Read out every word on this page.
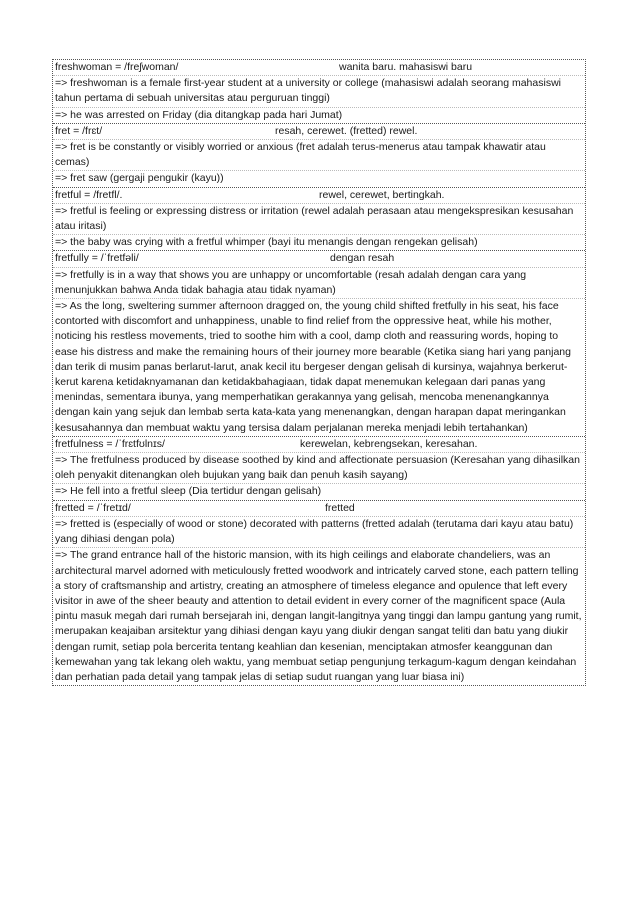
freshwoman = /freʃwoman/	wanita baru. mahasiswi baru

=> freshwoman is a female first-year student at a university or college (mahasiswi adalah seorang mahasiswi tahun pertama di sebuah universitas atau perguruan tinggi)

=> he was arrested on Friday (dia ditangkap pada hari Jumat)

fret = /frɛt/	resah, cerewet. (fretted) rewel.

=> fret is be constantly or visibly worried or anxious (fret adalah terus-menerus atau tampak khawatir atau cemas)

=> fret saw (gergaji pengukir (kayu))

fretful = /fretfl/.	rewel, cerewet, bertingkah.

=> fretful is feeling or expressing distress or irritation (rewel adalah perasaan atau mengekspresikan kesusahan atau iritasi)

=> the baby was crying with a fretful whimper (bayi itu menangis dengan rengekan gelisah)

fretfully = /ˈfretfəli/	dengan resah

=> fretfully is in a way that shows you are unhappy or uncomfortable (resah adalah dengan cara yang menunjukkan bahwa Anda tidak bahagia atau tidak nyaman)

=> As the long, sweltering summer afternoon dragged on, the young child shifted fretfully in his seat, his face contorted with discomfort and unhappiness, unable to find relief from the oppressive heat, while his mother, noticing his restless movements, tried to soothe him with a cool, damp cloth and reassuring words, hoping to ease his distress and make the remaining hours of their journey more bearable (Ketika siang hari yang panjang dan terik di musim panas berlarut-larut, anak kecil itu bergeser dengan gelisah di kursinya, wajahnya berkerut-kerut karena ketidaknyamanan dan ketidakbahagiaan, tidak dapat menemukan kelegaan dari panas yang menindas, sementara ibunya, yang memperhatikan gerakannya yang gelisah, mencoba menenangkannya dengan kain yang sejuk dan lembab serta kata-kata yang menenangkan, dengan harapan dapat meringankan kesusahannya dan membuat waktu yang tersisa dalam perjalanan mereka menjadi lebih tertahankan)

fretfulness = /ˈfrɛtfʊlnɪs/	kerewelan, kebrengsekan, keresahan.

=> The fretfulness produced by disease soothed by kind and affectionate persuasion (Keresahan yang dihasilkan oleh penyakit ditenangkan oleh bujukan yang baik dan penuh kasih sayang)

=> He fell into a fretful sleep (Dia tertidur dengan gelisah)

fretted = /ˈfretɪd/	fretted

=> fretted is (especially of wood or stone) decorated with patterns (fretted adalah (terutama dari kayu atau batu) yang dihiasi dengan pola)

=> The grand entrance hall of the historic mansion, with its high ceilings and elaborate chandeliers, was an architectural marvel adorned with meticulously fretted woodwork and intricately carved stone, each pattern telling a story of craftsmanship and artistry, creating an atmosphere of timeless elegance and opulence that left every visitor in awe of the sheer beauty and attention to detail evident in every corner of the magnificent space (Aula pintu masuk megah dari rumah bersejarah ini, dengan langit-langitnya yang tinggi dan lampu gantung yang rumit, merupakan keajaiban arsitektur yang dihiasi dengan kayu yang diukir dengan sangat teliti dan batu yang diukir dengan rumit, setiap pola bercerita tentang keahlian dan kesenian, menciptakan atmosfer keanggunan dan kemewahan yang tak lekang oleh waktu, yang membuat setiap pengunjung terkagum-kagum dengan keindahan dan perhatian pada detail yang tampak jelas di setiap sudut ruangan yang luar biasa ini)
